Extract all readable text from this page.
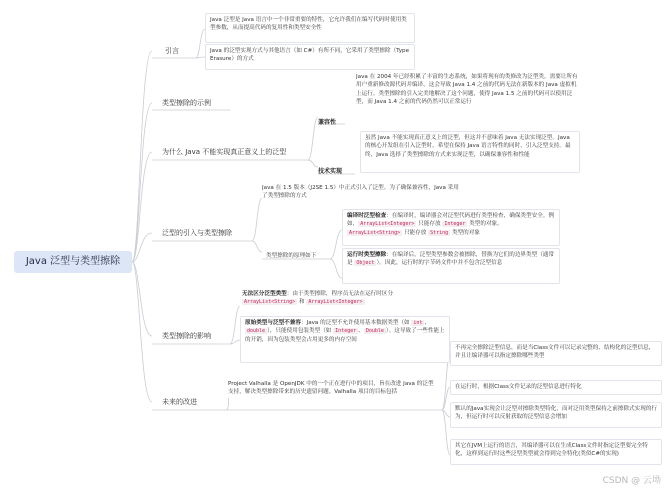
Java 泛型与类型擦除
引言
类型擦除的示例
为什么 Java 不能实现真正意义上的泛型
泛型的引入与类型擦除
类型擦除的影响
未来的改进
Java 泛型是 Java 语言中一个非常重要的特性，它允许我们在编写代码时使用类型参数，从而提高代码的复用性和类型安全性
Java 的泛型实现方式与其他语言（如 C#）有所不同，它采用了类型擦除（Type Erasure）的方式
兼容性
Java 在 2004 年已经积累了丰富的生态系统，如果将现有的类修改为泛型类，需要让所有用户重新修改源代码并编译，这会导致 Java 1.4 之前的代码无法在新版本的 Java 虚拟机上运行。类型擦除的引入完美地解决了这个问题，使得 Java 1.5 之前的代码可以使用泛型，而 Java 1.4 之前的代码仍然可以正常运行
技术实现
虽然 Java 不能实现真正意义上的泛型，但这并不意味着 Java 无法实现泛型。Java 的核心开发组在引入泛型时，希望在保持 Java 语言特性的同时，引入泛型支持。最终，Java 选择了类型擦除的方式来实现泛型，以确保兼容性和性能
Java 在 1.5 版本（J2SE 1.5）中正式引入了泛型。为了确保兼容性，Java 采用了类型擦除的方式
类型擦除的原理如下
编译时泛型检查：在编译时，编译器会对泛型代码进行类型检查，确保类型安全。例如， ArrayList<Integer> 只能存放 Integer 类型的对象，ArrayList<String> 只能存放 String 类型的对象
运行时类型擦除：在编译后，泛型类型参数会被擦除，替换为它们的边界类型（通常是 Object ）。因此，运行时的字节码文件中并不包含泛型信息
无法区分泛型类型：由于类型擦除，程序员无法在运行时区分 ArrayList<String> 和 ArrayList<Integer>
原始类型与泛型不兼容：Java 的泛型不允许使用基本数据类型（如 int 、double ），只能使用包装类型（如 Integer 、 Double ）。这导致了一些性能上的开销，因为包装类型会占用更多的内存空间
Project Valhalla 是 OpenJDK 中的一个正在进行中的项目，旨在改进 Java 的泛型支持，解决类型擦除带来的历史遗留问题。Valhalla 项目的目标包括
不再完全擦除泛型信息，而是当Class文件可以记录完整的、结构化的泛型信息，并且让编译器可以指定擦除哪些类型
在运行时，根据Class文件记录的泛型信息进行特化
默认的Java实现会让泛型对擦除类型特化，而对泛用类型保持之前擦除式实现的行为，但运行时可以反射获取的泛型信息会增加
其它在JVM上运行的语言，其编译器可以在生成Class文件时指定泛型要完全特化，这样到运行时这些泛型类型就会得到完全特化(类似C#的实现)
CSDN @ 云坳
